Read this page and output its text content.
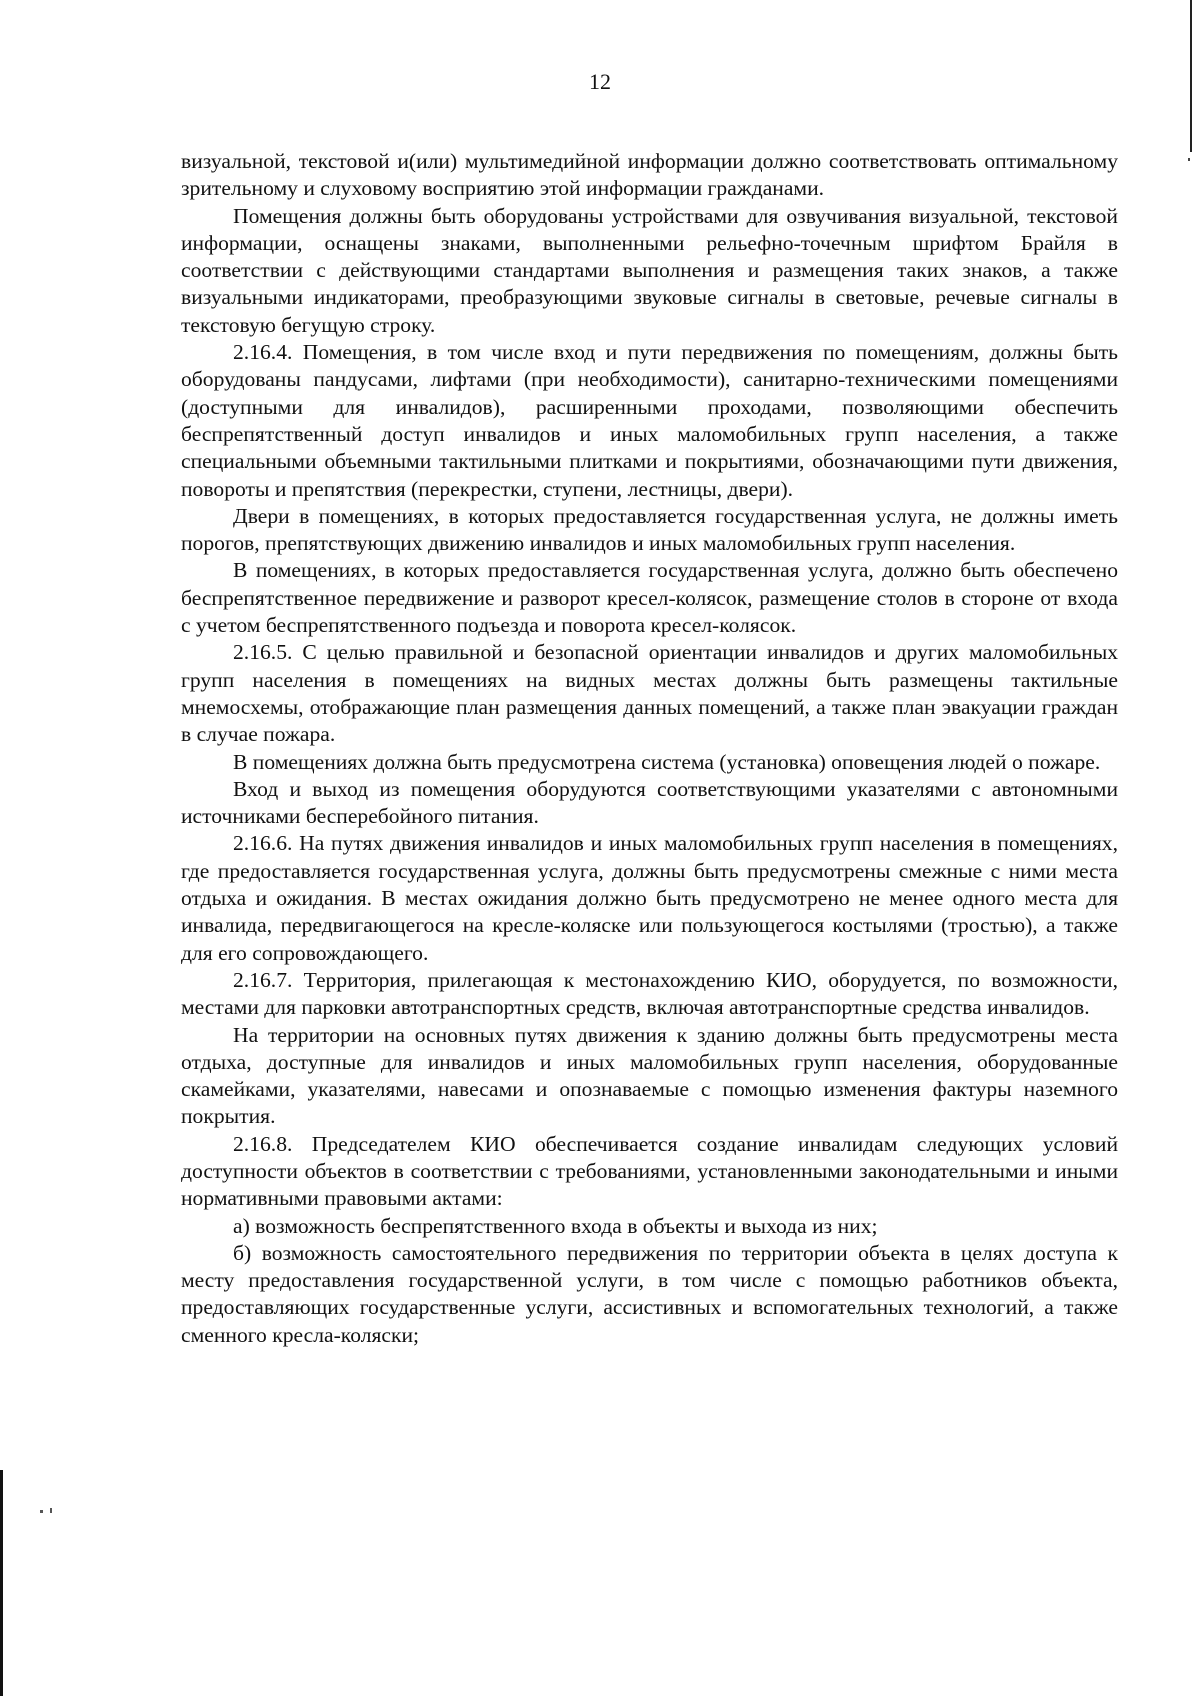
12

визуальной, текстовой и(или) мультимедийной информации должно соответствовать оптимальному зрительному и слуховому восприятию этой информации гражданами.

Помещения должны быть оборудованы устройствами для озвучивания визуальной, текстовой информации, оснащены знаками, выполненными рельефно-точечным шрифтом Брайля в соответствии с действующими стандартами выполнения и размещения таких знаков, а также визуальными индикаторами, преобразующими звуковые сигналы в световые, речевые сигналы в текстовую бегущую строку.

2.16.4. Помещения, в том числе вход и пути передвижения по помещениям, должны быть оборудованы пандусами, лифтами (при необходимости), санитарно-техническими помещениями (доступными для инвалидов), расширенными проходами, позволяющими обеспечить беспрепятственный доступ инвалидов и иных маломобильных групп населения, а также специальными объемными тактильными плитками и покрытиями, обозначающими пути движения, повороты и препятствия (перекрестки, ступени, лестницы, двери).

Двери в помещениях, в которых предоставляется государственная услуга, не должны иметь порогов, препятствующих движению инвалидов и иных маломобильных групп населения.

В помещениях, в которых предоставляется государственная услуга, должно быть обеспечено беспрепятственное передвижение и разворот кресел-колясок, размещение столов в стороне от входа с учетом беспрепятственного подъезда и поворота кресел-колясок.

2.16.5. С целью правильной и безопасной ориентации инвалидов и других маломобильных групп населения в помещениях на видных местах должны быть размещены тактильные мнемосхемы, отображающие план размещения данных помещений, а также план эвакуации граждан в случае пожара.

В помещениях должна быть предусмотрена система (установка) оповещения людей о пожаре.

Вход и выход из помещения оборудуются соответствующими указателями с автономными источниками бесперебойного питания.

2.16.6. На путях движения инвалидов и иных маломобильных групп населения в помещениях, где предоставляется государственная услуга, должны быть предусмотрены смежные с ними места отдыха и ожидания. В местах ожидания должно быть предусмотрено не менее одного места для инвалида, передвигающегося на кресле-коляске или пользующегося костылями (тростью), а также для его сопровождающего.

2.16.7. Территория, прилегающая к местонахождению КИО, оборудуется, по возможности, местами для парковки автотранспортных средств, включая автотранспортные средства инвалидов.

На территории на основных путях движения к зданию должны быть предусмотрены места отдыха, доступные для инвалидов и иных маломобильных групп населения, оборудованные скамейками, указателями, навесами и опознаваемые с помощью изменения фактуры наземного покрытия.

2.16.8. Председателем КИО обеспечивается создание инвалидам следующих условий доступности объектов в соответствии с требованиями, установленными законодательными и иными нормативными правовыми актами:

а) возможность беспрепятственного входа в объекты и выхода из них;

б) возможность самостоятельного передвижения по территории объекта в целях доступа к месту предоставления государственной услуги, в том числе с помощью работников объекта, предоставляющих государственные услуги, ассистивных и вспомогательных технологий, а также сменного кресла-коляски;
